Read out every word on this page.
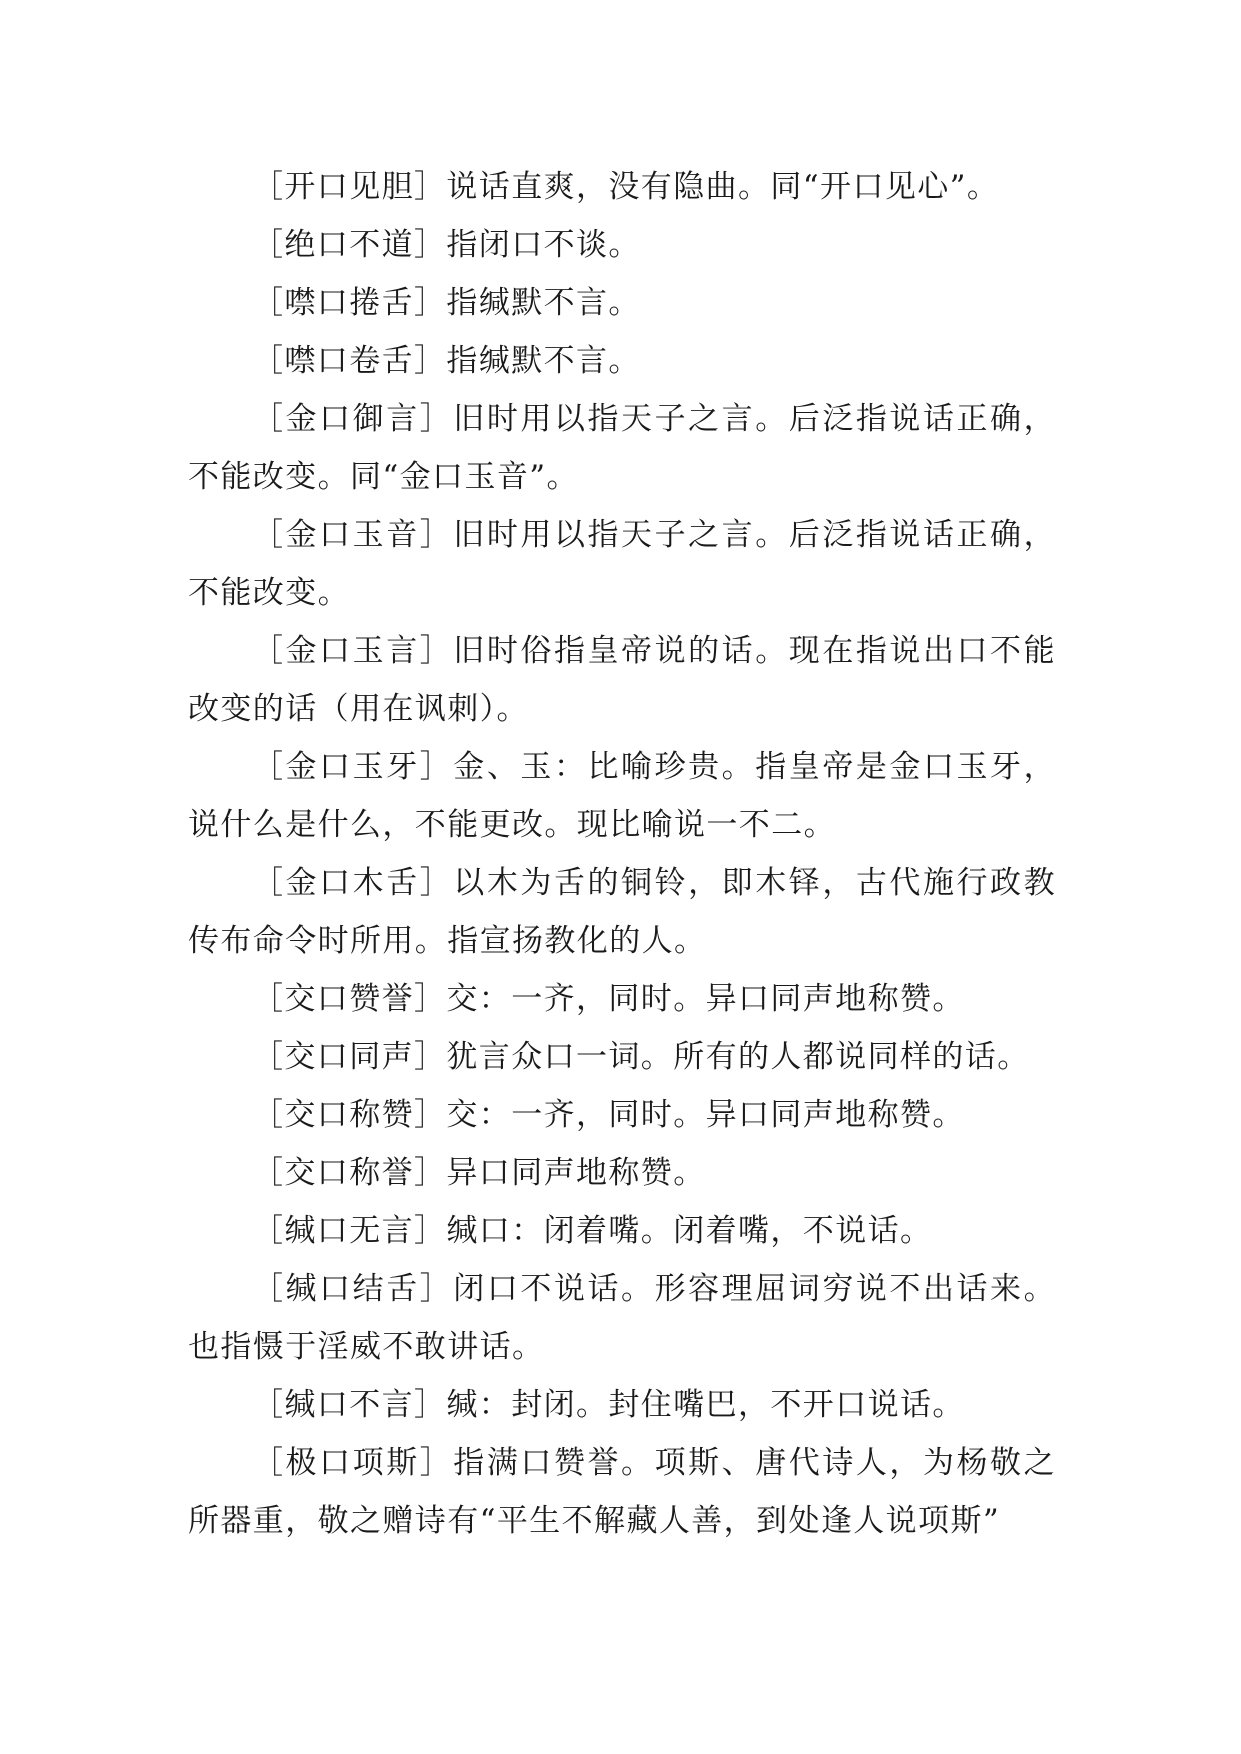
［开口见胆］说话直爽，没有隐曲。同“开口见心”。

［绝口不道］指闭口不谈。

［噤口捲舌］指缄默不言。

［噤口卷舌］指缄默不言。

［金口御言］旧时用以指天子之言。后泛指说话正确，不能改变。同“金口玉音”。

［金口玉音］旧时用以指天子之言。后泛指说话正确，不能改变。

［金口玉言］旧时俗指皇帝说的话。现在指说出口不能改变的话（用在讽刺）。

［金口玉牙］金、玉：比喻珍贵。指皇帝是金口玉牙，说什么是什么，不能更改。现比喻说一不二。

［金口木舌］以木为舌的铜铃，即木铎，古代施行政教传布命令时所用。指宣扬教化的人。

［交口赞誉］交：一齐，同时。异口同声地称赞。

［交口同声］犹言众口一词。所有的人都说同样的话。

［交口称赞］交：一齐，同时。异口同声地称赞。

［交口称誉］异口同声地称赞。

［缄口无言］缄口：闭着嘴。闭着嘴，不说话。

［缄口结舌］闭口不说话。形容理屈词穷说不出话来。也指慑于淫威不敢讲话。

［缄口不言］缄：封闭。封住嘴巴，不开口说话。

［极口项斯］指满口赞誉。项斯、唐代诗人，为杨敬之所器重，敬之赠诗有“平生不解藏人善，到处逢人说项斯”
